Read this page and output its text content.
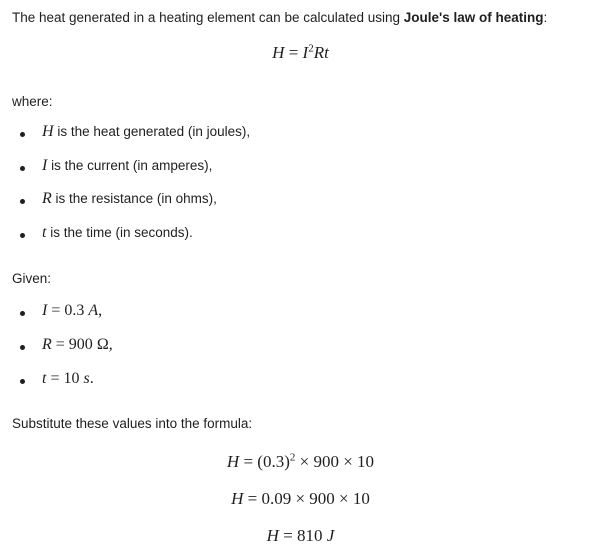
The heat generated in a heating element can be calculated using Joule's law of heating:
$H = I^2Rt$
where:
H is the heat generated (in joules),
I is the current (in amperes),
R is the resistance (in ohms),
t is the time (in seconds).
Given:
I = 0.3 A,
R = 900 Ω,
t = 10 s.
Substitute these values into the formula:
$H = (0.3)^2 \times 900 \times 10$
H = 0.09 × 900 × 10
H = 810 J
